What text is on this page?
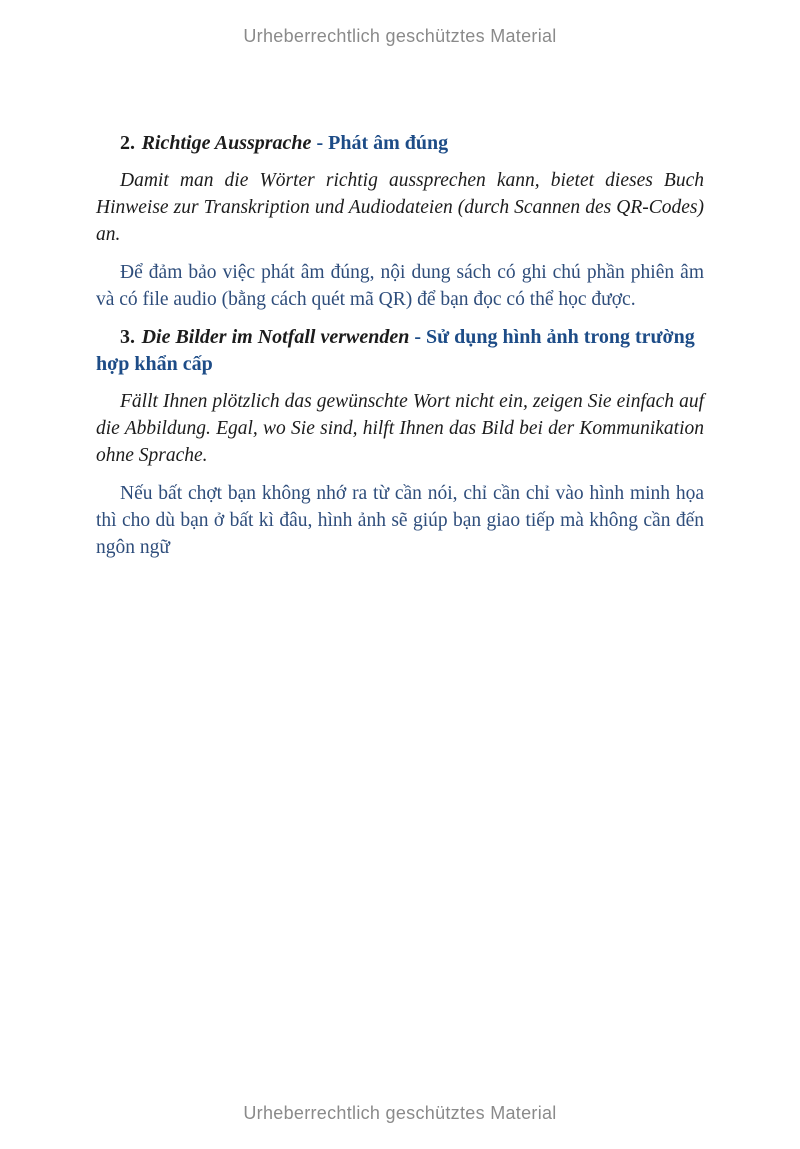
Urheberrechtlich geschütztes Material
2. Richtige Aussprache - Phát âm đúng

Damit man die Wörter richtig aussprechen kann, bietet dieses Buch Hinweise zur Transkription und Audiodateien (durch Scannen des QR-Codes) an.

Để đảm bảo việc phát âm đúng, nội dung sách có ghi chú phần phiên âm và có file audio (bằng cách quét mã QR) để bạn đọc có thể học được.

3. Die Bilder im Notfall verwenden - Sử dụng hình ảnh trong trường hợp khẩn cấp

Fällt Ihnen plötzlich das gewünschte Wort nicht ein, zeigen Sie einfach auf die Abbildung. Egal, wo Sie sind, hilft Ihnen das Bild bei der Kommunikation ohne Sprache.

Nếu bất chợt bạn không nhớ ra từ cần nói, chỉ cần chỉ vào hình minh họa thì cho dù bạn ở bất kì đâu, hình ảnh sẽ giúp bạn giao tiếp mà không cần đến ngôn ngữ

Urheberrechtlich geschütztes Material
